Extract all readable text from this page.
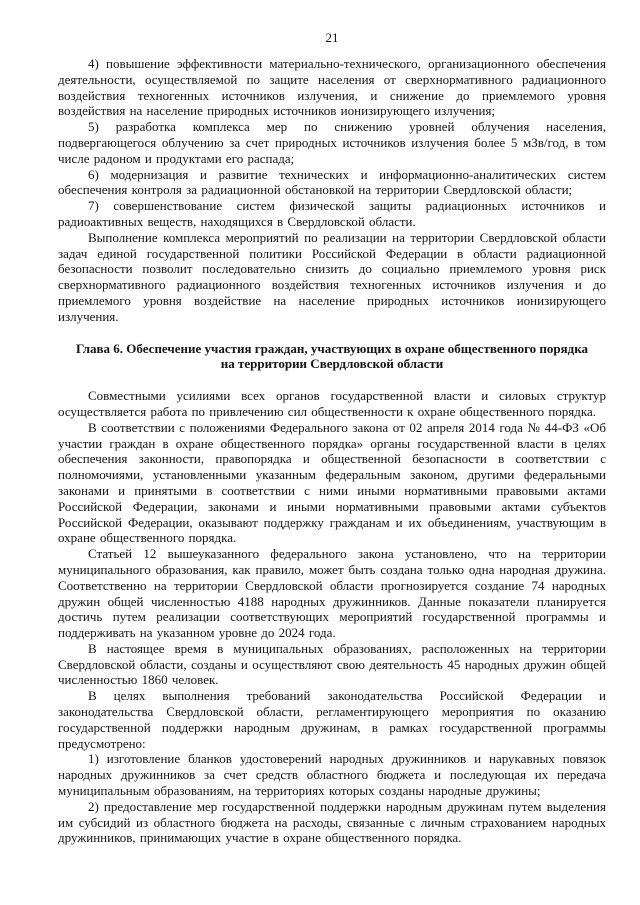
21

4) повышение эффективности материально-технического, организационного обеспечения деятельности, осуществляемой по защите населения от сверхнормативного радиационного воздействия техногенных источников излучения, и снижение до приемлемого уровня воздействия на население природных источников ионизирующего излучения;

5) разработка комплекса мер по снижению уровней облучения населения, подвергающегося облучению за счет природных источников излучения более 5 мЗв/год, в том числе радоном и продуктами его распада;

6) модернизация и развитие технических и информационно-аналитических систем обеспечения контроля за радиационной обстановкой на территории Свердловской области;

7) совершенствование систем физической защиты радиационных источников и радиоактивных веществ, находящихся в Свердловской области.

Выполнение комплекса мероприятий по реализации на территории Свердловской области задач единой государственной политики Российской Федерации в области радиационной безопасности позволит последовательно снизить до социально приемлемого уровня риск сверхнормативного радиационного воздействия техногенных источников излучения и до приемлемого уровня воздействие на население природных источников ионизирующего излучения.

Глава 6. Обеспечение участия граждан, участвующих в охране общественного порядка
на территории Свердловской области

Совместными усилиями всех органов государственной власти и силовых структур осуществляется работа по привлечению сил общественности к охране общественного порядка.

В соответствии с положениями Федерального закона от 02 апреля 2014 года № 44-ФЗ «Об участии граждан в охране общественного порядка» органы государственной власти в целях обеспечения законности, правопорядка и общественной безопасности в соответствии с полномочиями, установленными указанным федеральным законом, другими федеральными законами и принятыми в соответствии с ними иными нормативными правовыми актами Российской Федерации, законами и иными нормативными правовыми актами субъектов Российской Федерации, оказывают поддержку гражданам и их объединениям, участвующим в охране общественного порядка.

Статьей 12 вышеуказанного федерального закона установлено, что на территории муниципального образования, как правило, может быть создана только одна народная дружина. Соответственно на территории Свердловской области прогнозируется создание 74 народных дружин общей численностью 4188 народных дружинников. Данные показатели планируется достичь путем реализации соответствующих мероприятий государственной программы и поддерживать на указанном уровне до 2024 года.

В настоящее время в муниципальных образованиях, расположенных на территории Свердловской области, созданы и осуществляют свою деятельность 45 народных дружин общей численностью 1860 человек.

В целях выполнения требований законодательства Российской Федерации и законодательства Свердловской области, регламентирующего мероприятия по оказанию государственной поддержки народным дружинам, в рамках государственной программы предусмотрено:

1) изготовление бланков удостоверений народных дружинников и нарукавных повязок народных дружинников за счет средств областного бюджета и последующая их передача муниципальным образованиям, на территориях которых созданы народные дружины;

2) предоставление мер государственной поддержки народным дружинам путем выделения им субсидий из областного бюджета на расходы, связанные с личным страхованием народных дружинников, принимающих участие в охране общественного порядка.
